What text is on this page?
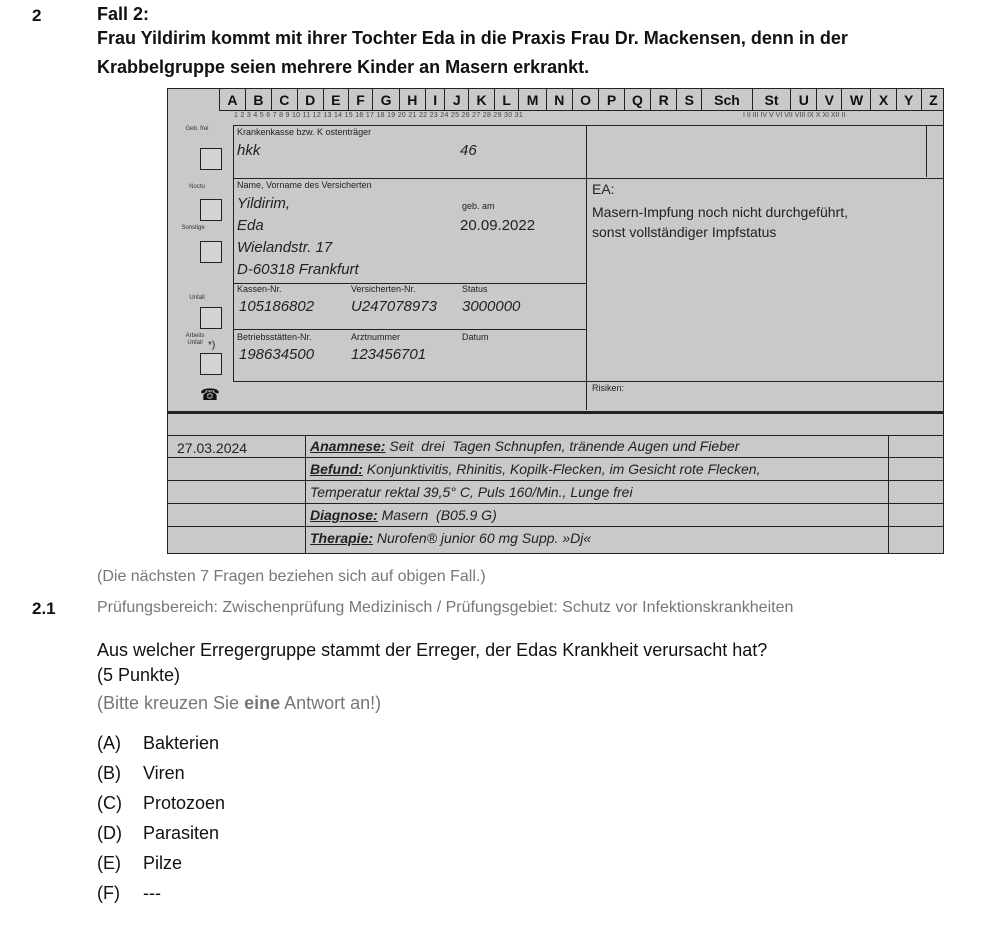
2	Fall 2:
Frau Yildirim kommt mit ihrer Tochter Eda in die Praxis Frau Dr. Mackensen, denn in der Krabbelgruppe seien mehrere Kinder an Masern erkrankt.
A	B	C	D	E	F	G	H	I	J	K	L	M	N	O	P	Q	R	S	Sch	St	U	V	W	X	Y	Z
1 2 3 4 5 6 7 8 9 10 11 12 13 14 15 16 17 18 19 20 21 22 23 24 25 26 27 28 29 30 31	I II III IV V VI VII VIII IX X XI XII II
Geb. frei
Noctu
Sonstige
Unfall
Arbeits Unfall *)
☎
Krankenkasse bzw. K ostenträger
hkk	46
Name, Vorname des Versicherten
Yildirim,
Eda
Wielandstr. 17
D-60318 Frankfurt
geb. am
20.09.2022
Kassen-Nr.
105186802
Versicherten-Nr.
U247078973
Status
3000000
Betriebsstätten-Nr.
198634500
Arztnummer
123456701
Datum
EA:
Masern-Impfung noch nicht durchgeführt,
sonst vollständiger Impfstatus
Risiken:
27.03.2024	Anamnese: Seit  drei  Tagen Schnupfen, tränende Augen und Fieber
Befund: Konjunktivitis, Rhinitis, Kopilk-Flecken, im Gesicht rote Flecken,
Temperatur rektal 39,5° C, Puls 160/Min., Lunge frei
Diagnose: Masern  (B05.9 G)
Therapie: Nurofen® junior 60 mg Supp. »Dj«
(Die nächsten 7 Fragen beziehen sich auf obigen Fall.)
2.1	Prüfungsbereich: Zwischenprüfung Medizinisch / Prüfungsgebiet: Schutz vor Infektionskrankheiten
Aus welcher Erregergruppe stammt der Erreger, der Edas Krankheit verursacht hat?
(5 Punkte)
(Bitte kreuzen Sie eine Antwort an!)
(A) Bakterien
(B) Viren
(C) Protozoen
(D) Parasiten
(E) Pilze
(F) ---
